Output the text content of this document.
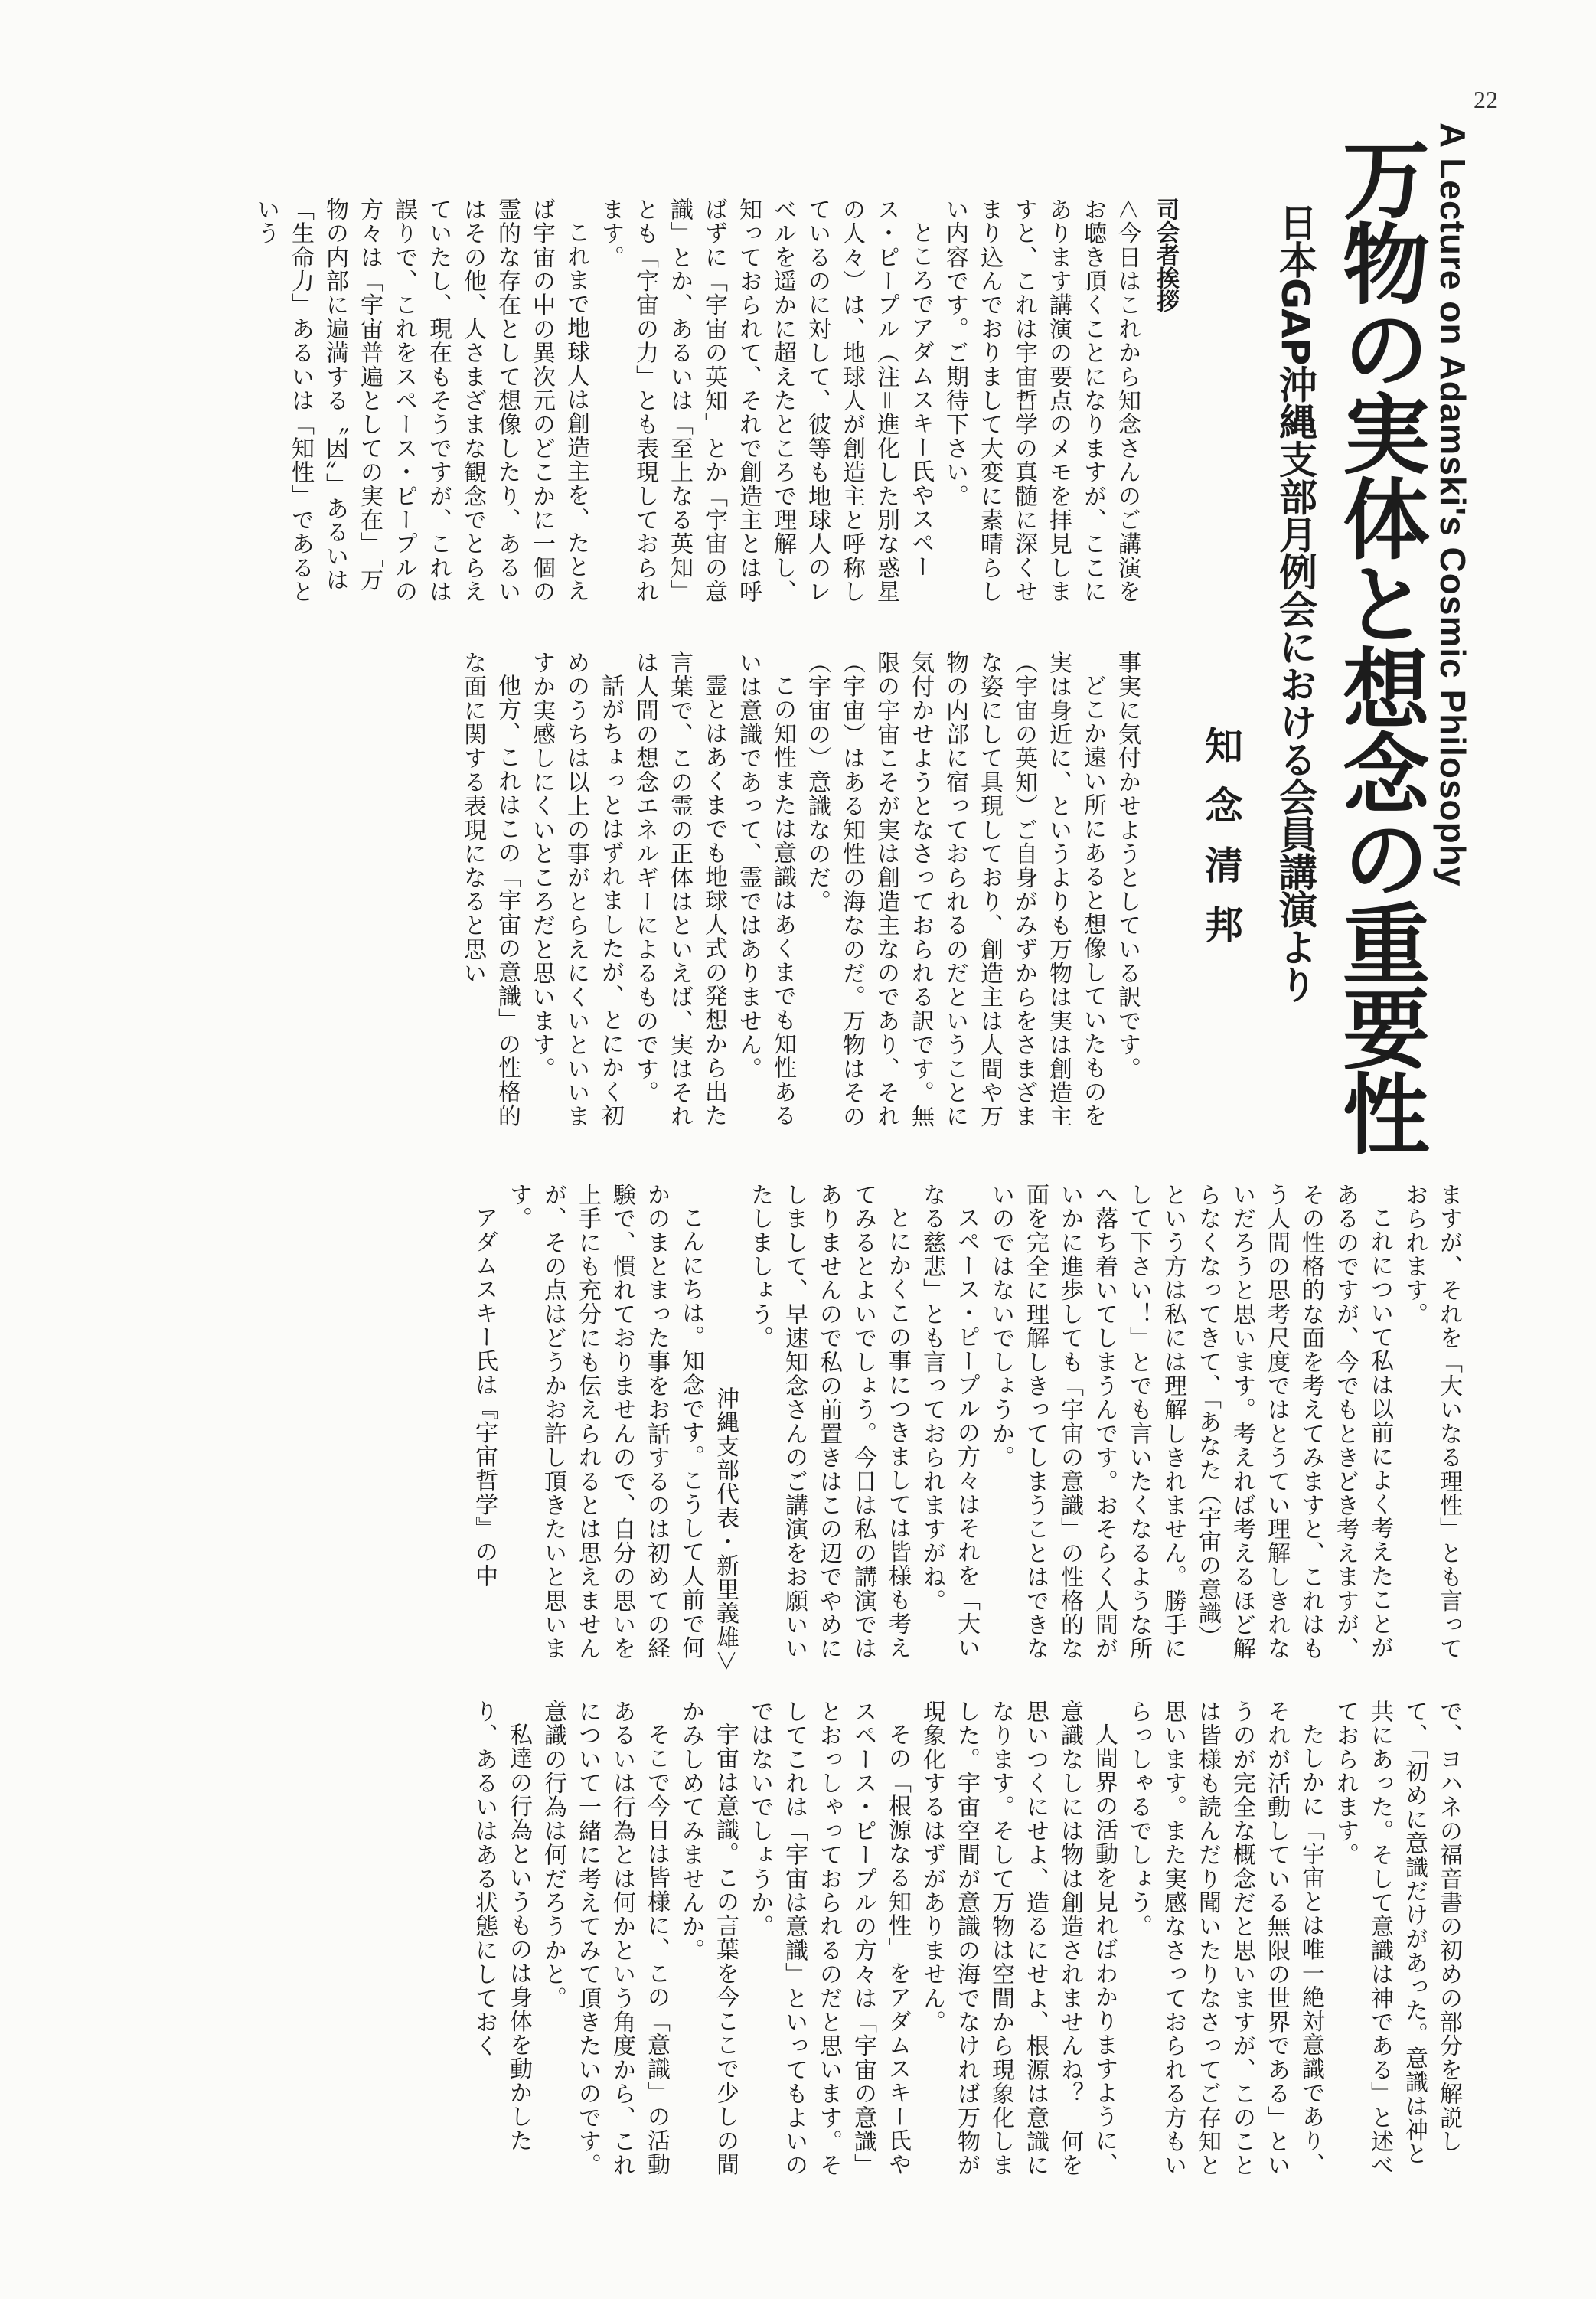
22
A Lecture on Adamski's Cosmic Philosophy
万物の実体と想念の重要性
日本GAP沖縄支部月例会における会員講演より
知念清邦
司会者挨拶

＜今日はこれから知念さんのご講演をお聴き頂くことになりますが、ここにあります講演の要点のメモを拝見しますと、これは宇宙哲学の真髄に深くせまり込んでおりまして大変に素晴らしい内容です。ご期待下さい。

ところでアダムスキー氏やスペース・ピープル（注＝進化した別な惑星の人々）は、地球人が創造主と呼称しているのに対して、彼等も地球人のレベルを遥かに超えたところで理解し、知っておられて、それで創造主とは呼ばずに「宇宙の英知」とか「宇宙の意識」とか、あるいは「至上なる英知」とも「宇宙の力」とも表現しておられます。

これまで地球人は創造主を、たとえば宇宙の中の異次元のどこかに一個の霊的な存在として想像したり、あるいはその他、人さまざまな観念でとらえていたし、現在もそうですが、これは誤りで、これをスペース・ピープルの方々は「宇宙普遍としての実在」「万物の内部に遍満する〝因〟」あるいは「生命力」あるいは「知性」であるという

事実に気付かせようとしている訳です。

どこか遠い所にあると想像していたものを実は身近に、というよりも万物は実は創造主（宇宙の英知）ご自身がみずからをさまざまな姿にして具現しており、創造主は人間や万物の内部に宿っておられるのだということに気付かせようとなさっておられる訳です。無限の宇宙こそが実は創造主なのであり、それ（宇宙）はある知性の海なのだ。万物はその（宇宙の）意識なのだ。

この知性または意識はあくまでも知性あるいは意識であって、霊ではありません。

霊とはあくまでも地球人式の発想から出た言葉で、この霊の正体はといえば、実はそれは人間の想念エネルギーによるものです。

話がちょっとはずれましたが、とにかく初めのうちは以上の事がとらえにくいといいますか実感しにくいところだと思います。

他方、これはこの「宇宙の意識」の性格的な面に関する表現になると思い

ますが、それを「大いなる理性」とも言っておられます。

これについて私は以前によく考えたことがあるのですが、今でもときどき考えますが、その性格的な面を考えてみますと、これはもう人間の思考尺度ではとうてい理解しきれないだろうと思います。考えれば考えるほど解らなくなってきて、「あなた（宇宙の意識）という方は私には理解しきれません。勝手にして下さい！」とでも言いたくなるような所へ落ち着いてしまうんです。おそらく人間がいかに進歩しても「宇宙の意識」の性格的な面を完全に理解しきってしまうことはできないのではないでしょうか。

スペース・ピープルの方々はそれを「大いなる慈悲」とも言っておられますがね。

とにかくこの事につきましては皆様も考えてみるとよいでしょう。今日は私の講演ではありませんので私の前置きはこの辺でやめにしまして、早速知念さんのご講演をお願いいたしましょう。

沖縄支部代表・新里義雄＞

こんにちは。知念です。こうして人前で何かのまとまった事をお話するのは初めての経験で、慣れておりませんので、自分の思いを上手にも充分にも伝えられるとは思えませんが、その点はどうかお許し頂きたいと思います。

アダムスキー氏は『宇宙哲学』の中

で、ヨハネの福音書の初めの部分を解説して、「初めに意識だけがあった。意識は神と共にあった。そして意識は神である」と述べておられます。

たしかに「宇宙とは唯一絶対意識であり、それが活動している無限の世界である」というのが完全な概念だと思いますが、このことは皆様も読んだり聞いたりなさってご存知と思います。また実感なさっておられる方もいらっしゃるでしょう。

人間界の活動を見ればわかりますように、意識なしには物は創造されませんね？　何を思いつくにせよ、造るにせよ、根源は意識になります。そして万物は空間から現象化しました。宇宙空間が意識の海でなければ万物が現象化するはずがありません。

その「根源なる知性」をアダムスキー氏やスペース・ピープルの方々は「宇宙の意識」とおっしゃっておられるのだと思います。そしてこれは「宇宙は意識」といってもよいのではないでしょうか。

宇宙は意識。この言葉を今ここで少しの間かみしめてみませんか。

そこで今日は皆様に、この「意識」の活動あるいは行為とは何かという角度から、これについて一緒に考えてみて頂きたいのです。意識の行為は何だろうかと。

私達の行為というものは身体を動かしたり、あるいはある状態にしておく
